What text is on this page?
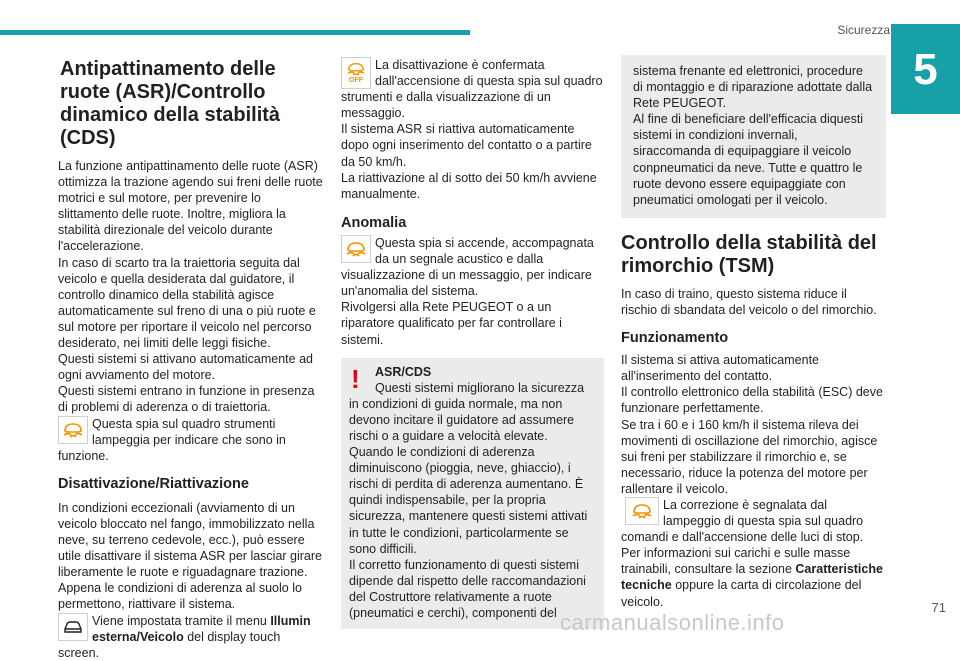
Sicurezza
5
Antipattinamento delle ruote (ASR)/Controllo dinamico della stabilità (CDS)

La funzione antipattinamento delle ruote (ASR) ottimizza la trazione agendo sui freni delle ruote motrici e sul motore, per prevenire lo slittamento delle ruote. Inoltre, migliora la stabilità direzionale del veicolo durante l'accelerazione.

In caso di scarto tra la traiettoria seguita dal veicolo e quella desiderata dal guidatore, il controllo dinamico della stabilità agisce automaticamente sul freno di una o più ruote e sul motore per riportare il veicolo nel percorso desiderato, nei limiti delle leggi fisiche.

Questi sistemi si attivano automaticamente ad ogni avviamento del motore.

Questi sistemi entrano in funzione in presenza di problemi di aderenza o di traiettoria.

Questa spia sul quadro strumenti lampeggia per indicare che sono in funzione.
Disattivazione/Riattivazione

In condizioni eccezionali (avviamento di un veicolo bloccato nel fango, immobilizzato nella neve, su terreno cedevole, ecc.), può essere utile disattivare il sistema ASR per lasciar girare liberamente le ruote e riguadagnare trazione.

Appena le condizioni di aderenza al suolo lo permettono, riattivare il sistema.

Viene impostata tramite il menu Illumin esterna/Veicolo del display touch screen.
OFF
La disattivazione è confermata dall'accensione di questa spia sul quadro strumenti e dalla visualizzazione di un messaggio.

Il sistema ASR si riattiva automaticamente dopo ogni inserimento del contatto o a partire da 50 km/h.

La riattivazione al di sotto dei 50 km/h avviene manualmente.

Anomalia
Questa spia si accende, accompagnata da un segnale acustico e dalla visualizzazione di un messaggio, per indicare un'anomalia del sistema.

Rivolgersi alla Rete PEUGEOT o a un riparatore qualificato per far controllare i sistemi.

! ASR/CDS

Questi sistemi migliorano la sicurezza in condizioni di guida normale, ma non devono incitare il guidatore ad assumere rischi o a guidare a velocità elevate.

Quando le condizioni di aderenza diminuiscono (pioggia, neve, ghiaccio), i rischi di perdita di aderenza aumentano. È quindi indispensabile, per la propria sicurezza, mantenere questi sistemi attivati in tutte le condizioni, particolarmente se sono difficili.

Il corretto funzionamento di questi sistemi dipende dal rispetto delle raccomandazioni del Costruttore relativamente a ruote (pneumatici e cerchi), componenti del

sistema frenante ed elettronici, procedure di montaggio e di riparazione adottate dalla Rete PEUGEOT.

Al fine di beneficiare dell'efficacia diquesti sistemi in condizioni invernali, siraccomanda di equipaggiare il veicolo conpneumatici da neve. Tutte e quattro le ruote devono essere equipaggiate con pneumatici omologati per il veicolo.

Controllo della stabilità del rimorchio (TSM)

In caso di traino, questo sistema riduce il rischio di sbandata del veicolo o del rimorchio.

Funzionamento

Il sistema si attiva automaticamente all'inserimento del contatto.

Il controllo elettronico della stabilità (ESC) deve funzionare perfettamente.

Se tra i 60 e i 160 km/h il sistema rileva dei movimenti di oscillazione del rimorchio, agisce sui freni per stabilizzare il rimorchio e, se necessario, riduce la potenza del motore per rallentare il veicolo.

La correzione è segnalata dal lampeggio di questa spia sul quadro comandi e dall'accensione delle luci di stop.

Per informazioni sui carichi e sulle masse trainabili, consultare la sezione Caratteristiche tecniche oppure la carta di circolazione del veicolo.	71
carmanualsonline.info
